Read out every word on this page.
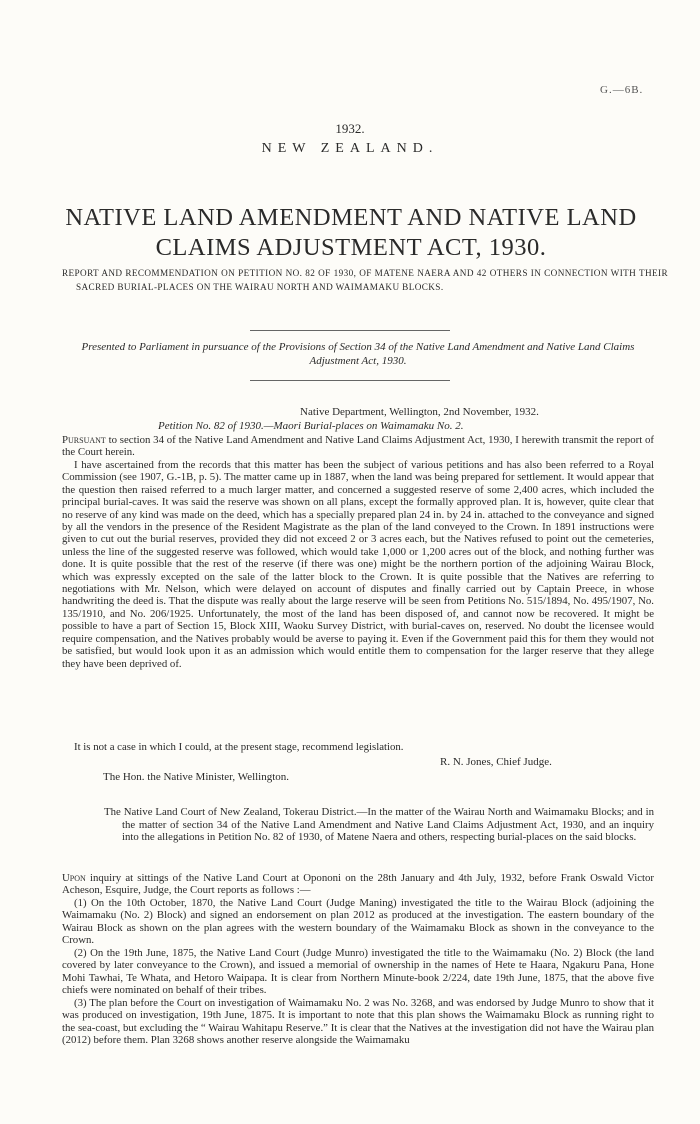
G.—6B.
1932.
NEW ZEALAND.
NATIVE LAND AMENDMENT AND NATIVE LAND CLAIMS ADJUSTMENT ACT, 1930.
REPORT AND RECOMMENDATION ON PETITION NO. 82 OF 1930, OF MATENE NAERA AND 42 OTHERS IN CONNECTION WITH THEIR SACRED BURIAL-PLACES ON THE WAIRAU NORTH AND WAIMAMAKU BLOCKS.
Presented to Parliament in pursuance of the Provisions of Section 34 of the Native Land Amendment and Native Land Claims Adjustment Act, 1930.
Native Department, Wellington, 2nd November, 1932.
Petition No. 82 of 1930.—Maori Burial-places on Waimamaku No. 2.

Pursuant to section 34 of the Native Land Amendment and Native Land Claims Adjustment Act, 1930, I herewith transmit the report of the Court herein.

I have ascertained from the records that this matter has been the subject of various petitions and has also been referred to a Royal Commission (see 1907, G.-1B, p. 5). The matter came up in 1887, when the land was being prepared for settlement. It would appear that the question then raised referred to a much larger matter, and concerned a suggested reserve of some 2,400 acres, which included the principal burial-caves. It was said the reserve was shown on all plans, except the formally approved plan. It is, however, quite clear that no reserve of any kind was made on the deed, which has a specially prepared plan 24 in. by 24 in. attached to the conveyance and signed by all the vendors in the presence of the Resident Magistrate as the plan of the land conveyed to the Crown. In 1891 instructions were given to cut out the burial reserves, provided they did not exceed 2 or 3 acres each, but the Natives refused to point out the cemeteries, unless the line of the suggested reserve was followed, which would take 1,000 or 1,200 acres out of the block, and nothing further was done. It is quite possible that the rest of the reserve (if there was one) might be the northern portion of the adjoining Wairau Block, which was expressly excepted on the sale of the latter block to the Crown. It is quite possible that the Natives are referring to negotiations with Mr. Nelson, which were delayed on account of disputes and finally carried out by Captain Preece, in whose handwriting the deed is. That the dispute was really about the large reserve will be seen from Petitions No. 515/1894, No. 495/1907, No. 135/1910, and No. 206/1925. Unfortunately, the most of the land has been disposed of, and cannot now be recovered. It might be possible to have a part of Section 15, Block XIII, Waoku Survey District, with burial-caves on, reserved. No doubt the licensee would require compensation, and the Natives probably would be averse to paying it. Even if the Government paid this for them they would not be satisfied, but would look upon it as an admission which would entitle them to compensation for the larger reserve that they allege they have been deprived of.

It is not a case in which I could, at the present stage, recommend legislation.

R. N. Jones, Chief Judge.
The Hon. the Native Minister, Wellington.

The Native Land Court of New Zealand, Tokerau District.—In the matter of the Wairau North and Waimamaku Blocks; and in the matter of section 34 of the Native Land Amendment and Native Land Claims Adjustment Act, 1930, and an inquiry into the allegations in Petition No. 82 of 1930, of Matene Naera and others, respecting burial-places on the said blocks.

Upon inquiry at sittings of the Native Land Court at Opononi on the 28th January and 4th July, 1932, before Frank Oswald Victor Acheson, Esquire, Judge, the Court reports as follows :—

(1) On the 10th October, 1870, the Native Land Court (Judge Maning) investigated the title to the Wairau Block (adjoining the Waimamaku (No. 2) Block) and signed an endorsement on plan 2012 as produced at the investigation. The eastern boundary of the Wairau Block as shown on the plan agrees with the western boundary of the Waimamaku Block as shown in the conveyance to the Crown.

(2) On the 19th June, 1875, the Native Land Court (Judge Munro) investigated the title to the Waimamaku (No. 2) Block (the land covered by later conveyance to the Crown), and issued a memorial of ownership in the names of Hete te Haara, Ngakuru Pana, Hone Mohi Tawhai, Te Whata, and Hetoro Waipapa. It is clear from Northern Minute-book 2/224, date 19th June, 1875, that the above five chiefs were nominated on behalf of their tribes.

(3) The plan before the Court on investigation of Waimamaku No. 2 was No. 3268, and was endorsed by Judge Munro to show that it was produced on investigation, 19th June, 1875. It is important to note that this plan shows the Waimamaku Block as running right to the sea-coast, but excluding the “ Wairau Wahitapu Reserve.” It is clear that the Natives at the investigation did not have the Wairau plan (2012) before them. Plan 3268 shows another reserve alongside the Waimamaku
